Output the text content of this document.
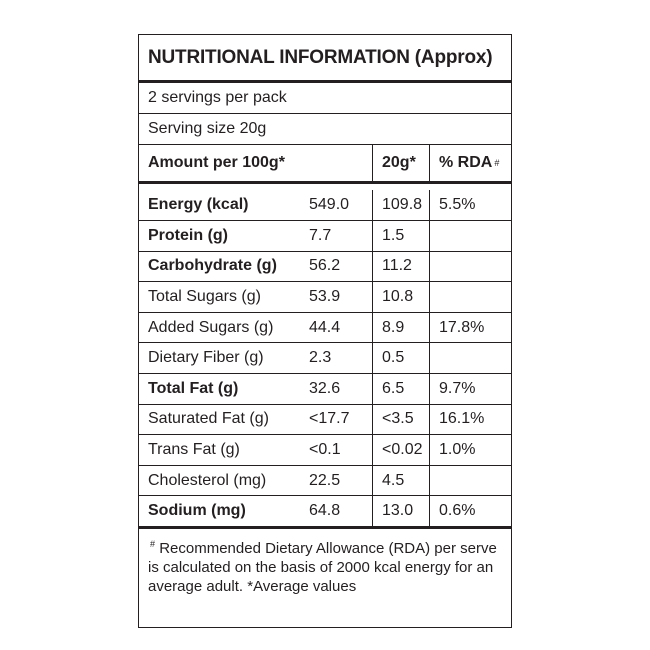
NUTRITIONAL INFORMATION (Approx)
2 servings per pack
Serving size 20g
Amount per 100g*	20g*	% RDA #
Energy (kcal)	549.0	109.8	5.5%
Protein (g)	7.7	1.5
Carbohydrate (g)	56.2	11.2
Total Sugars (g)	53.9	10.8
Added Sugars (g)	44.4	8.9	17.8%
Dietary Fiber (g)	2.3	0.5
Total Fat (g)	32.6	6.5	9.7%
Saturated Fat (g)	<17.7	<3.5	16.1%
Trans Fat (g)	<0.1	<0.02	1.0%
Cholesterol (mg)	22.5	4.5
Sodium (mg)	64.8	13.0	0.6%
# Recommended Dietary Allowance (RDA) per serve is calculated on the basis of 2000 kcal energy for an average adult. *Average values
